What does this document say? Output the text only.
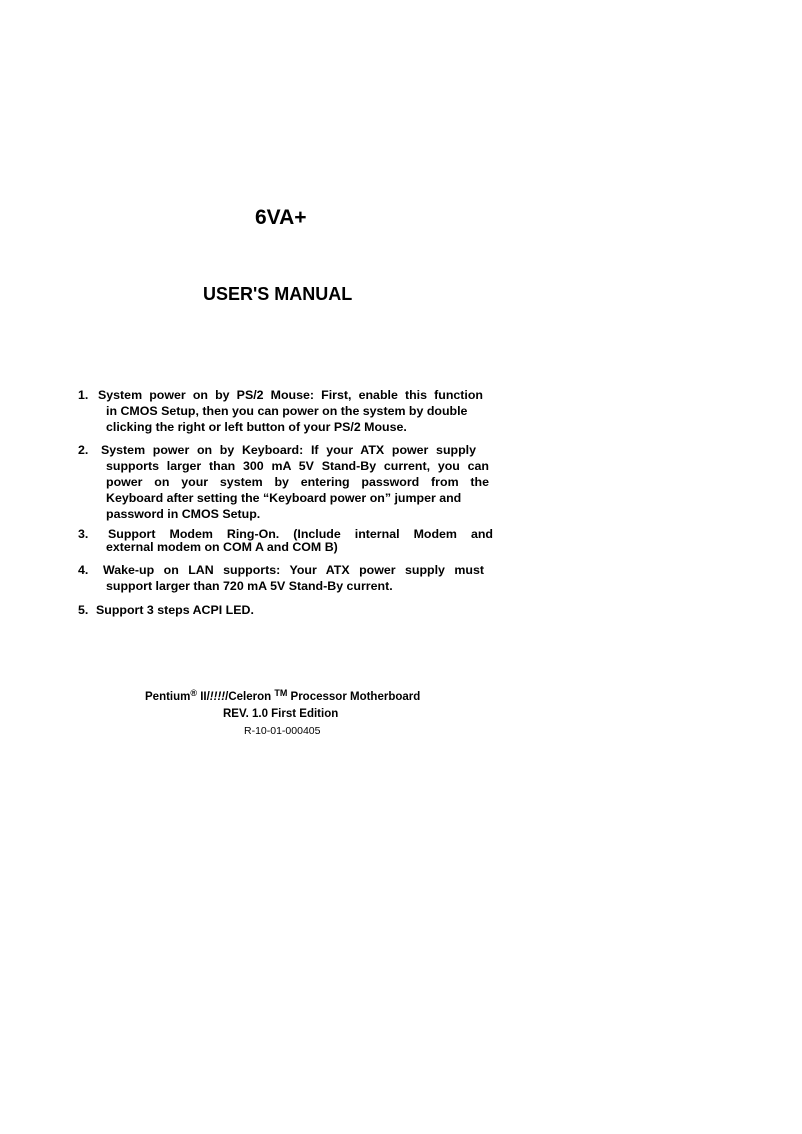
6VA+
USER'S MANUAL
1. System power on by PS/2 Mouse: First, enable this function
in CMOS Setup, then you can power on the system by double
clicking the right or left button of your PS/2 Mouse.
2. System power on by Keyboard: If your ATX power supply
supports larger than 300 mA 5V Stand-By current, you can
power on your system by entering password from the
Keyboard after setting the “Keyboard power on” jumper and
password in CMOS Setup.
3. Support Modem Ring-On. (Include internal Modem and
external modem on COM A and COM B)
4. Wake-up on LAN supports: Your ATX power supply must
support larger than 720 mA 5V Stand-By current.
5. Support 3 steps ACPI LED.
Pentium® II/!!!!/Celeron ™ Processor Motherboard
REV. 1.0 First Edition
R-10-01-000405
